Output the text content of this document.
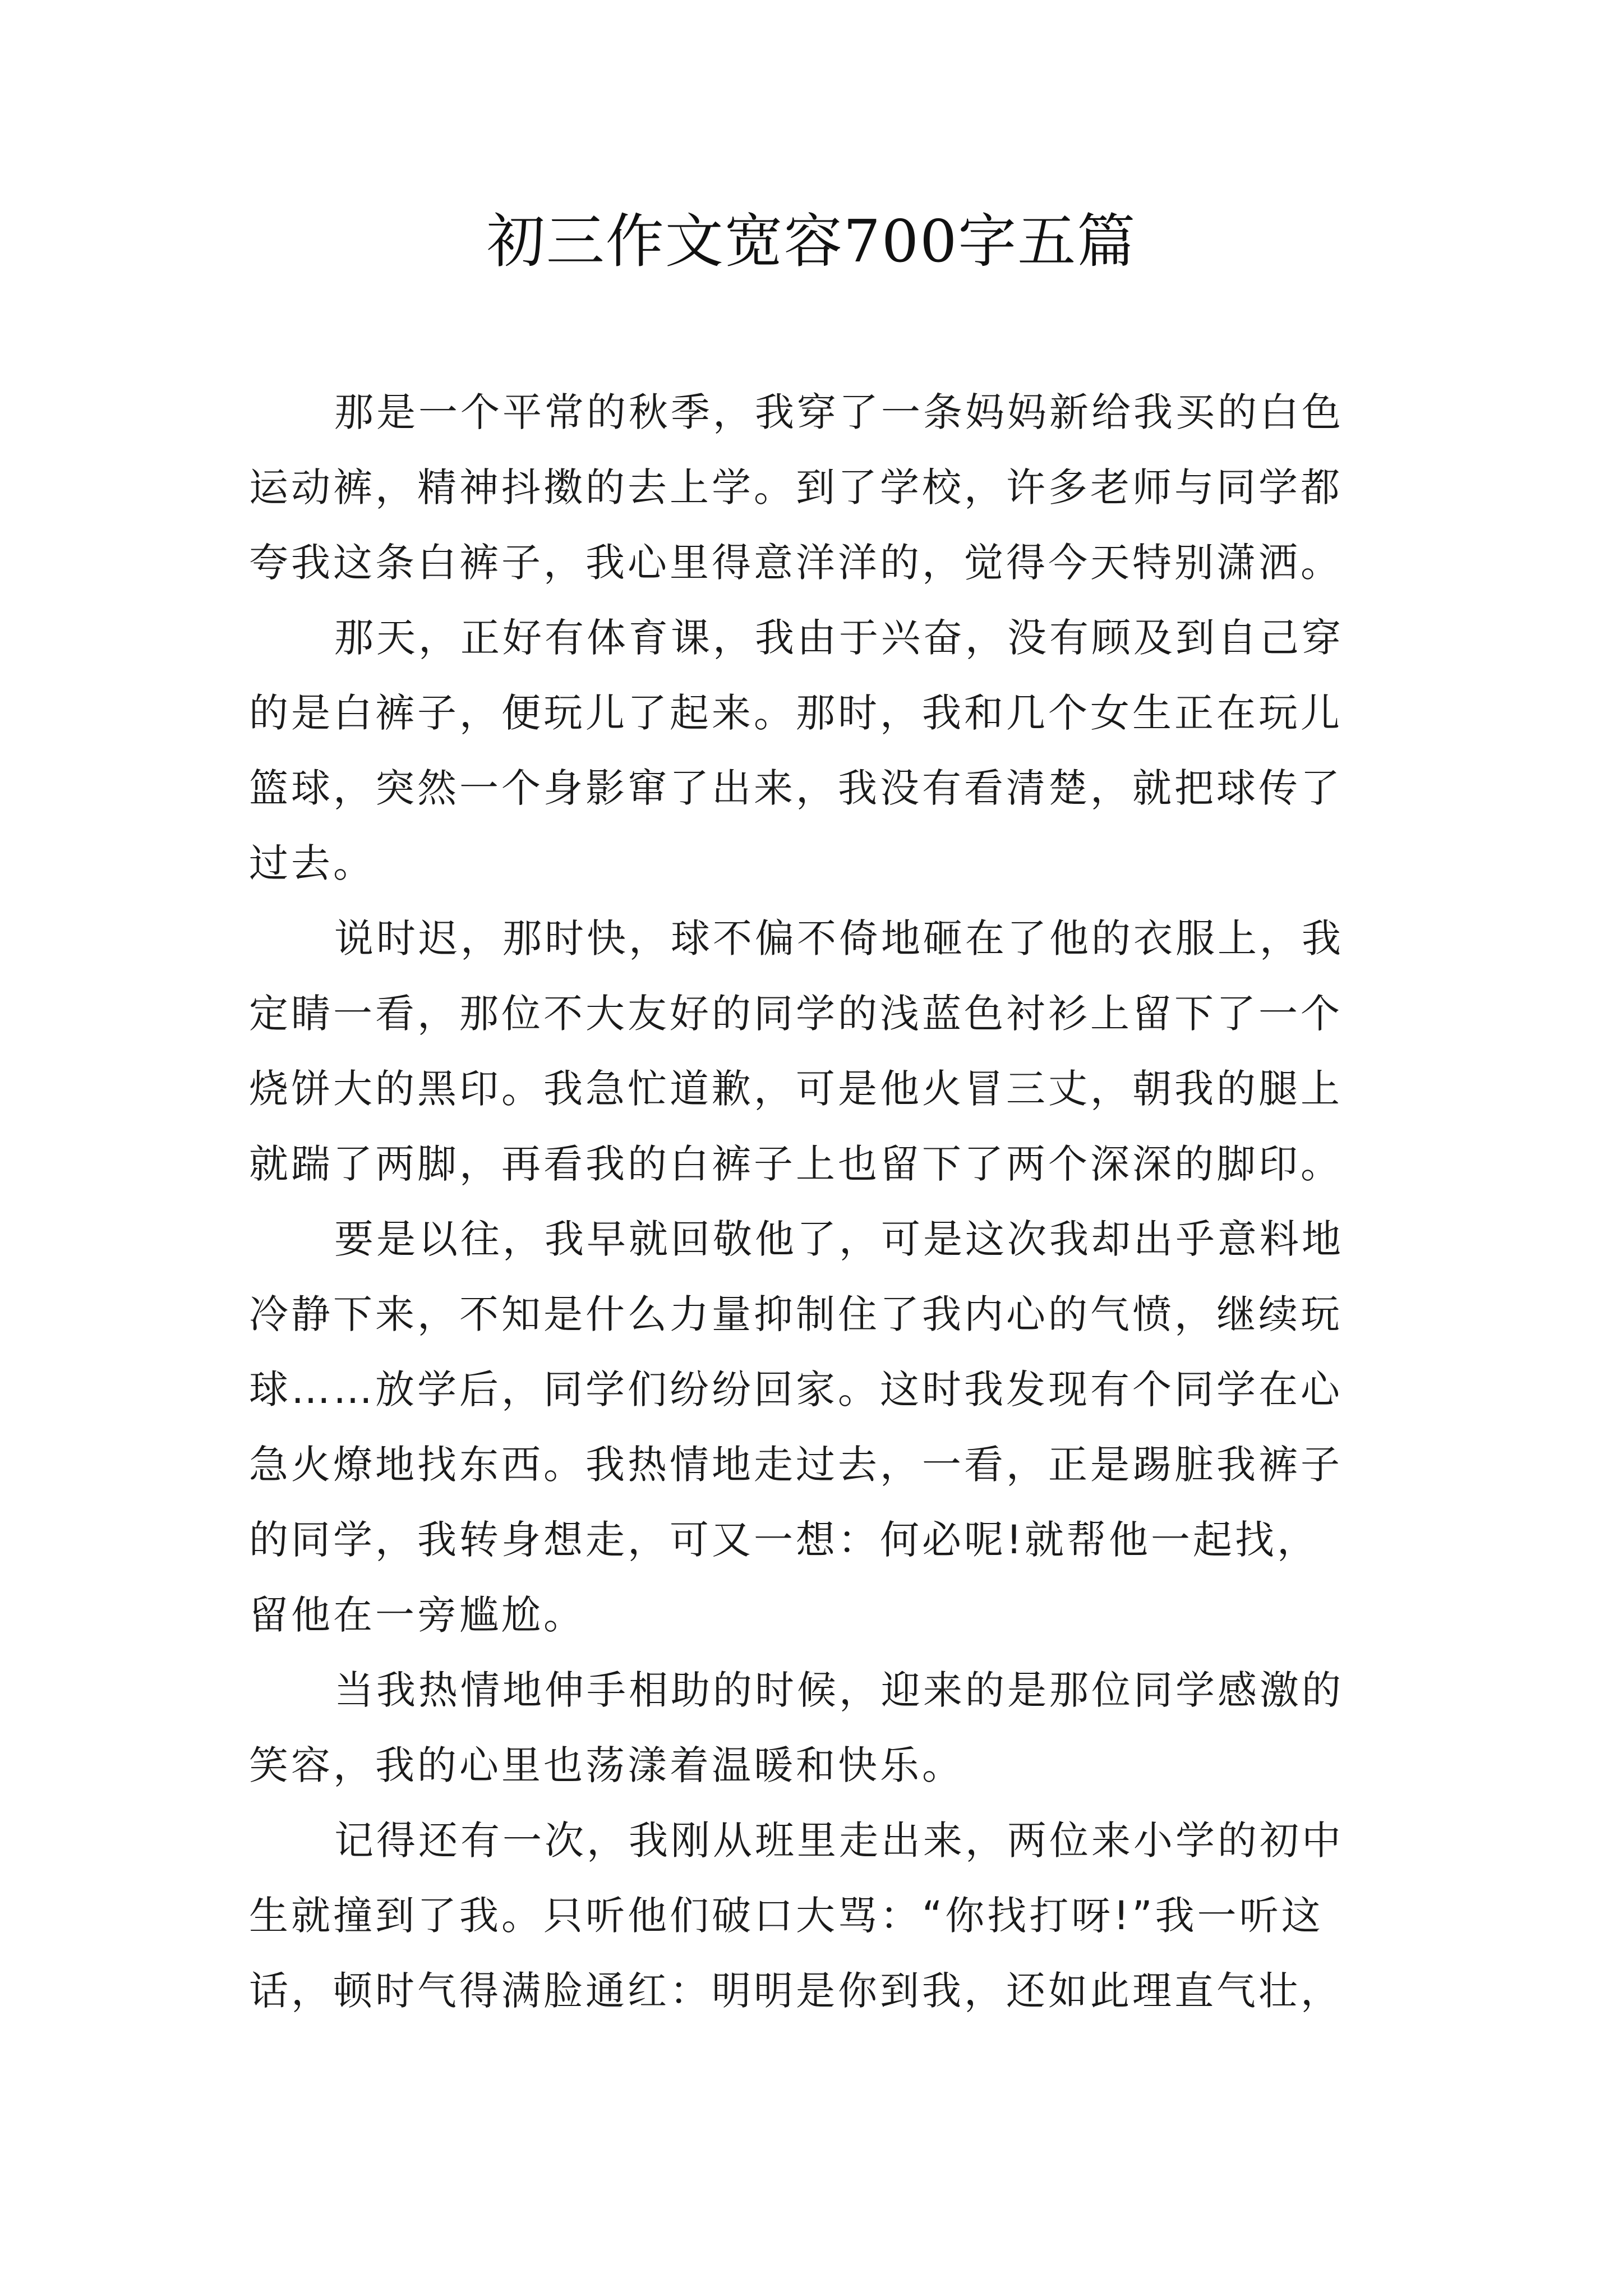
初三作文宽容700字五篇
那是一个平常的秋季，我穿了一条妈妈新给我买的白色
运动裤，精神抖擞的去上学。到了学校，许多老师与同学都
夸我这条白裤子，我心里得意洋洋的，觉得今天特别潇洒。
那天，正好有体育课，我由于兴奋，没有顾及到自己穿
的是白裤子，便玩儿了起来。那时，我和几个女生正在玩儿
篮球，突然一个身影窜了出来，我没有看清楚，就把球传了
过去。
说时迟，那时快，球不偏不倚地砸在了他的衣服上，我
定睛一看，那位不大友好的同学的浅蓝色衬衫上留下了一个
烧饼大的黑印。我急忙道歉，可是他火冒三丈，朝我的腿上
就踹了两脚，再看我的白裤子上也留下了两个深深的脚印。
要是以往，我早就回敬他了，可是这次我却出乎意料地
冷静下来，不知是什么力量抑制住了我内心的气愤，继续玩
球……放学后，同学们纷纷回家。这时我发现有个同学在心
急火燎地找东西。我热情地走过去，一看，正是踢脏我裤子
的同学，我转身想走，可又一想：何必呢!就帮他一起找，
留他在一旁尴尬。
当我热情地伸手相助的时候，迎来的是那位同学感激的
笑容，我的心里也荡漾着温暖和快乐。
记得还有一次，我刚从班里走出来，两位来小学的初中
生就撞到了我。只听他们破口大骂：“你找打呀!”我一听这
话，顿时气得满脸通红：明明是你到我，还如此理直气壮，
